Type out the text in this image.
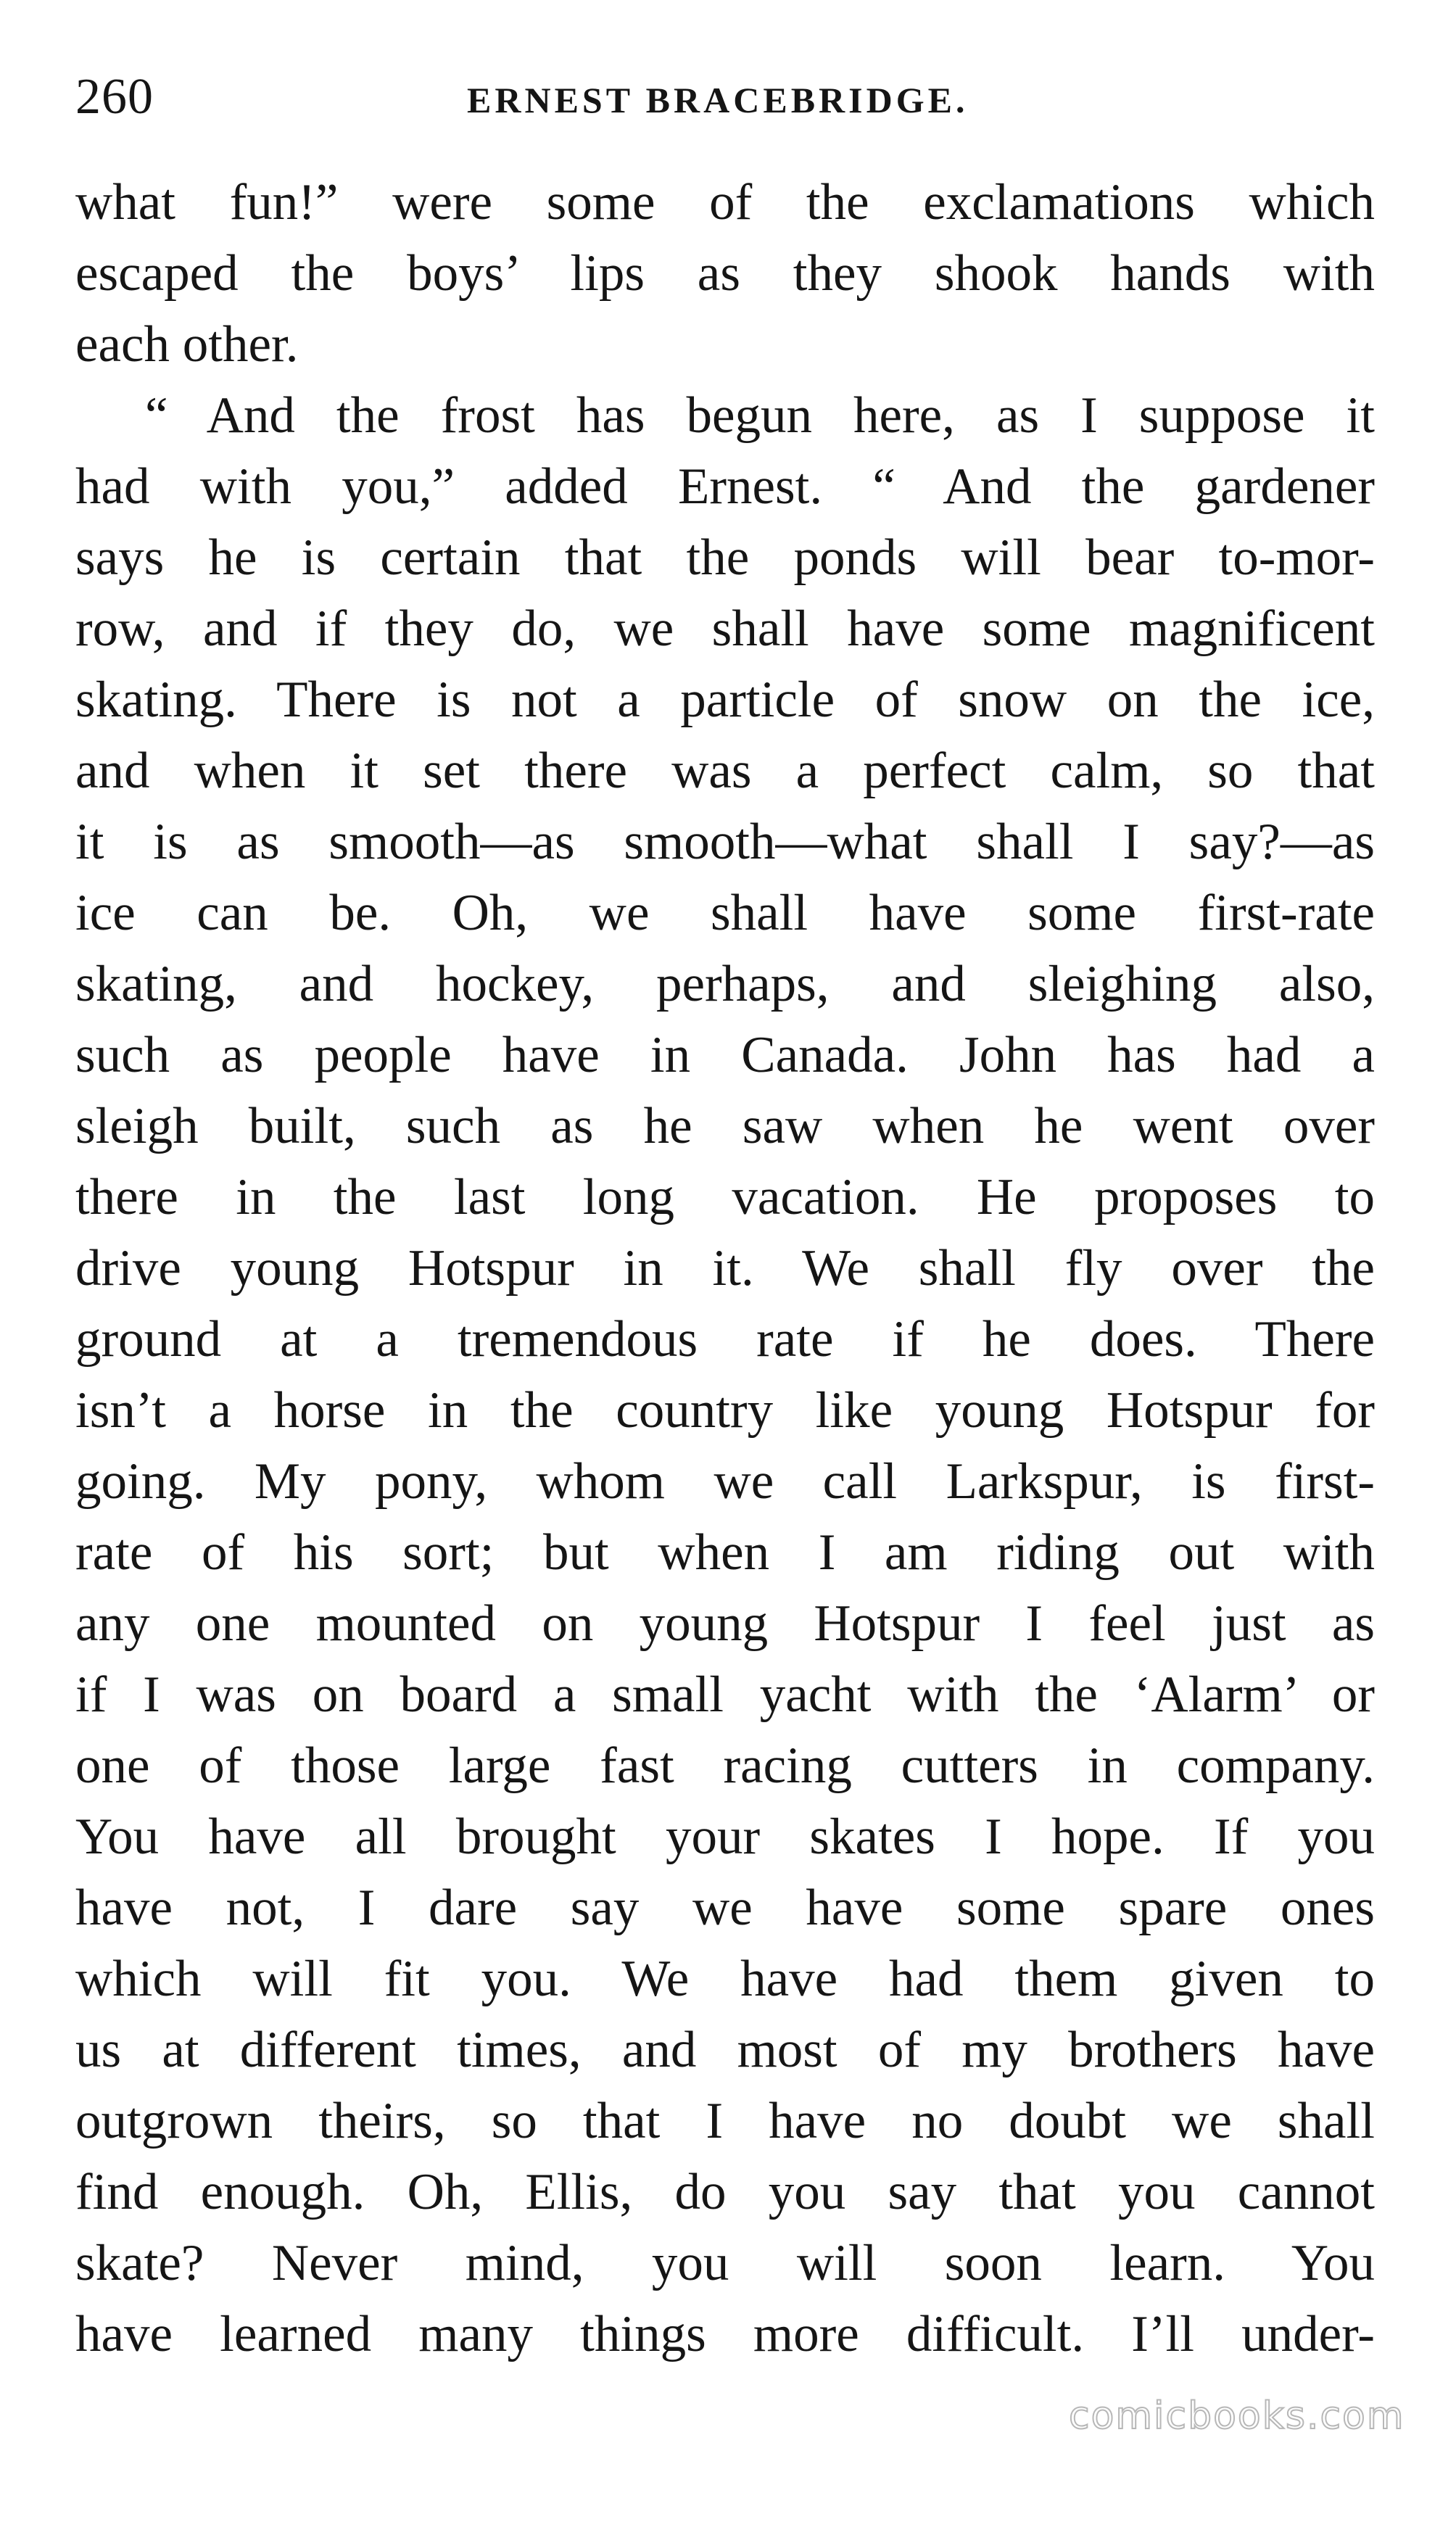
260	ERNEST BRACEBRIDGE.
what fun!” were some of the exclamations which
escaped the boys’ lips as they shook hands with
each other.
“ And the frost has begun here, as I suppose it
had with you,” added Ernest. “ And the gardener
says he is certain that the ponds will bear to-mor-
row, and if they do, we shall have some magnificent
skating. There is not a particle of snow on the ice,
and when it set there was a perfect calm, so that
it is as smooth—as smooth—what shall I say?—as
ice can be. Oh, we shall have some first-rate
skating, and hockey, perhaps, and sleighing also,
such as people have in Canada. John has had a
sleigh built, such as he saw when he went over
there in the last long vacation. He proposes to
drive young Hotspur in it. We shall fly over the
ground at a tremendous rate if he does. There
isn’t a horse in the country like young Hotspur for
going. My pony, whom we call Larkspur, is first-
rate of his sort; but when I am riding out with
any one mounted on young Hotspur I feel just as
if I was on board a small yacht with the ‘Alarm’ or
one of those large fast racing cutters in company.
You have all brought your skates I hope. If you
have not, I dare say we have some spare ones
which will fit you. We have had them given to
us at different times, and most of my brothers have
outgrown theirs, so that I have no doubt we shall
find enough. Oh, Ellis, do you say that you cannot
skate? Never mind, you will soon learn. You
have learned many things more difficult. I’ll under-
comicbooks.com
